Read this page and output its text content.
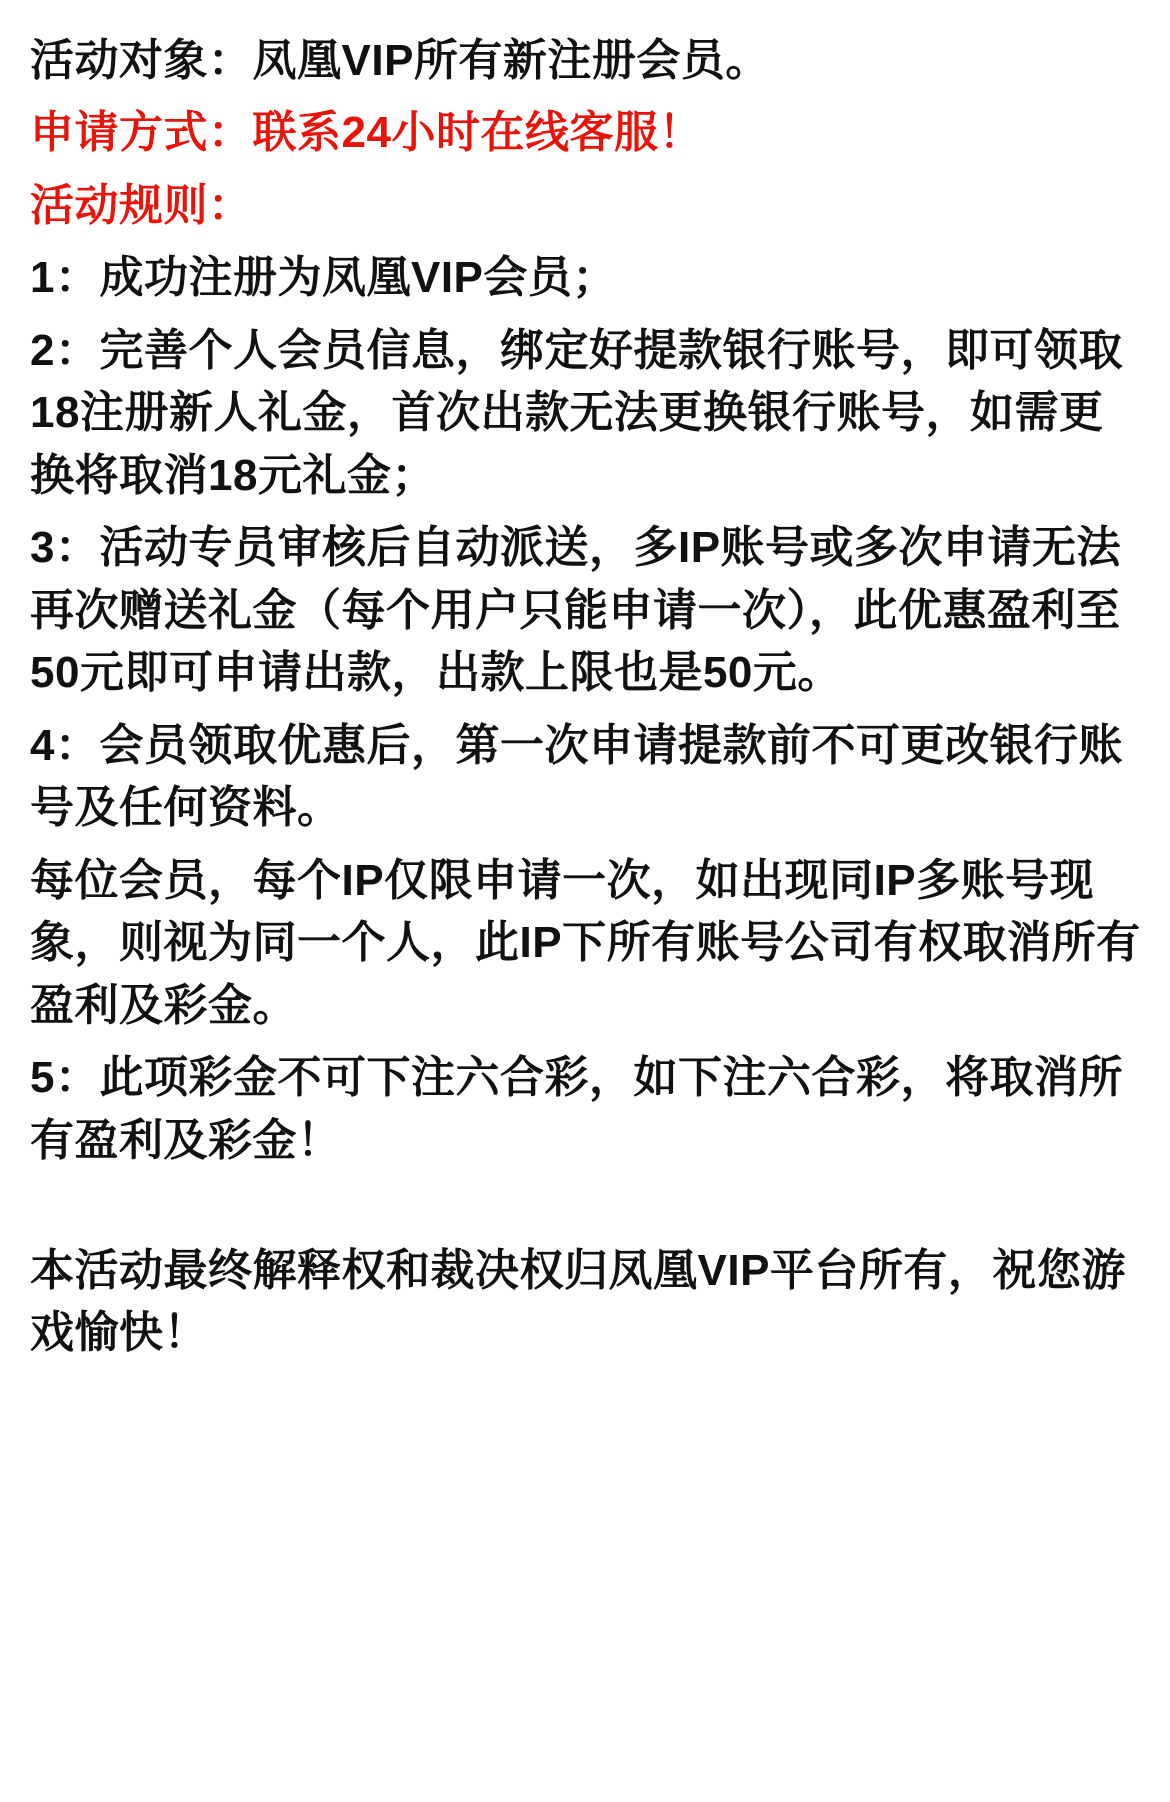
活动对象：凤凰VIP所有新注册会员。

申请方式：联系24小时在线客服！

活动规则：

1：成功注册为凤凰VIP会员；

2：完善个人会员信息，绑定好提款银行账号，即可领取18注册新人礼金，首次出款无法更换银行账号，如需更换将取消18元礼金；

3：活动专员审核后自动派送，多IP账号或多次申请无法再次赠送礼金（每个用户只能申请一次），此优惠盈利至50元即可申请出款，出款上限也是50元。

4：会员领取优惠后，第一次申请提款前不可更改银行账号及任何资料。

每位会员，每个IP仅限申请一次，如出现同IP多账号现象，则视为同一个人，此IP下所有账号公司有权取消所有盈利及彩金。

5：此项彩金不可下注六合彩，如下注六合彩，将取消所有盈利及彩金！

本活动最终解释权和裁决权归凤凰VIP平台所有，祝您游戏愉快！
